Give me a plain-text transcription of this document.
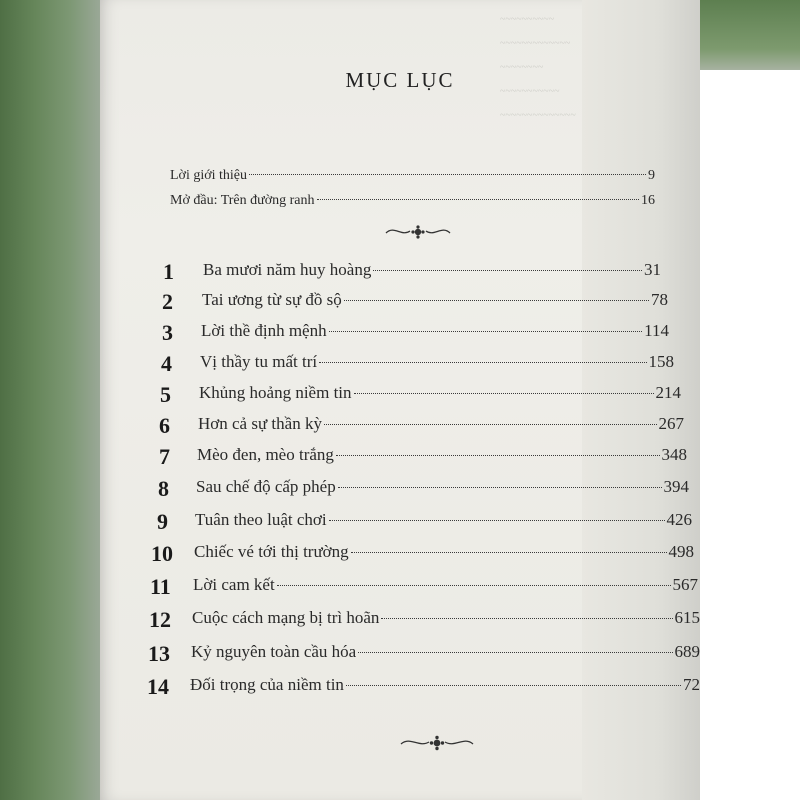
~~~~~~~~~~
~~~~~~~~~~~~~
~~~~~~~~
~~~~~~~~~~~
~~~~~~~~~~~~~~
MỤC LỤC
Lời giới thiệu	9
Mở đầu: Trên đường ranh	16
1 Ba mươi năm huy hoàng	31
2 Tai ương từ sự đồ sộ	78
3 Lời thề định mệnh	114
4 Vị thầy tu mất trí	158
5 Khủng hoảng niềm tin	214
6 Hơn cả sự thần kỳ	267
7 Mèo đen, mèo trắng	348
8 Sau chế độ cấp phép	394
9 Tuân theo luật chơi	426
10 Chiếc vé tới thị trường	498
11 Lời cam kết	567
12 Cuộc cách mạng bị trì hoãn	615
13 Kỷ nguyên toàn cầu hóa	689
14 Đối trọng của niềm tin	72
